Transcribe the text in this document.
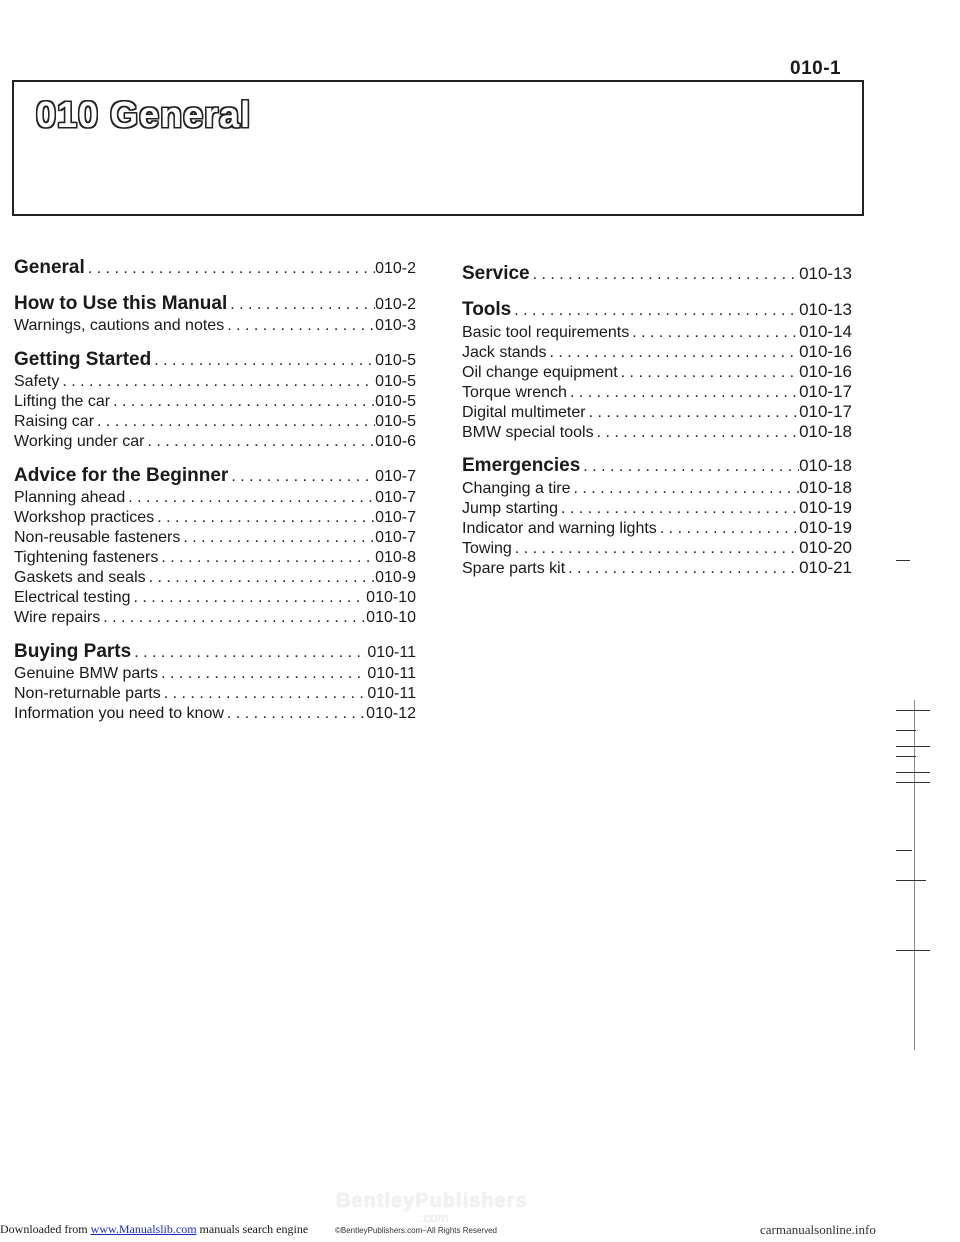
010-1
010 General
General . . .	010-2
How to Use this Manual . . .	010-2
Warnings, cautions and notes . . .	010-3
Getting Started . . .	010-5
Safety . . .	010-5
Lifting the car . . .	010-5
Raising car . . .	010-5
Working under car . . .	010-6
Advice for the Beginner . . .	010-7
Planning ahead . . .	010-7
Workshop practices . . .	010-7
Non-reusable fasteners . . .	010-7
Tightening fasteners . . .	010-8
Gaskets and seals . . .	010-9
Electrical testing . . .	010-10
Wire repairs . . .	010-10
Buying Parts . . .	010-11
Genuine BMW parts . . .	010-11
Non-returnable parts . . .	010-11
Information you need to know . . .	010-12
Service . . .	010-13
Tools . . .	010-13
Basic tool requirements . . .	010-14
Jack stands . . .	010-16
Oil change equipment . . .	010-16
Torque wrench . . .	010-17
Digital multimeter . . .	010-17
BMW special tools . . .	010-18
Emergencies . . .	010-18
Changing a tire . . .	010-18
Jump starting . . .	010-19
Indicator and warning lights . . .	010-19
Towing . . .	010-20
Spare parts kit . . .	010-21
BentleyPublishers
.com
Downloaded from www.Manualslib.com manuals search engine	©BentleyPublishers.com–All Rights Reserved	carmanualsonline.info
